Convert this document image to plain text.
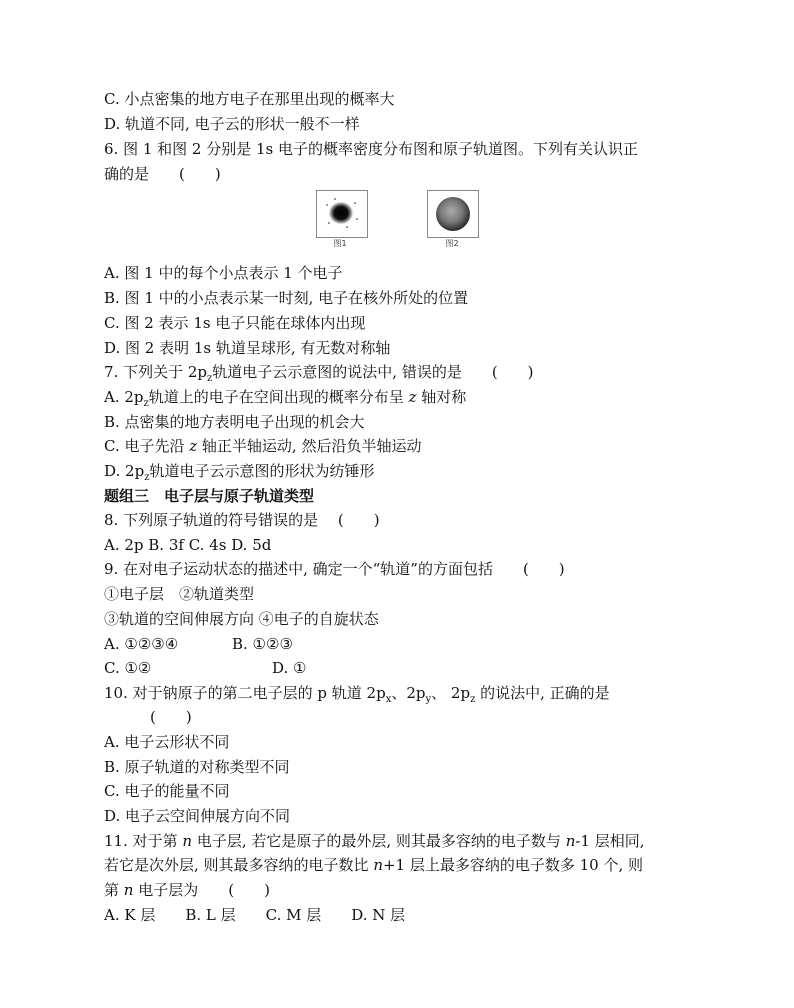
C. 小点密集的地方电子在那里出现的概率大
D. 轨道不同, 电子云的形状一般不一样
6. 图 1 和图 2 分别是 1s 电子的概率密度分布图和原子轨道图。下列有关认识正
确的是　　(　　)
图1	图2
A. 图 1 中的每个小点表示 1 个电子
B. 图 1 中的小点表示某一时刻, 电子在核外所处的位置
C. 图 2 表示 1s 电子只能在球体内出现
D. 图 2 表明 1s 轨道呈球形, 有无数对称轴
7. 下列关于 $2p_z$轨道电子云示意图的说法中, 错误的是　　(　　)
A. $2p_z$轨道上的电子在空间出现的概率分布呈 z 轴对称
B. 点密集的地方表明电子出现的机会大
C. 电子先沿 z 轴正半轴运动, 然后沿负半轴运动
D. $2p_z$轨道电子云示意图的形状为纺锤形
题组三　电子层与原子轨道类型
8. 下列原子轨道的符号错误的是　 (　　)
A. 2p B. 3f C. 4s D. 5d
9. 在对电子运动状态的描述中, 确定一个“轨道”的方面包括　　(　　)
①电子层　②轨道类型
③轨道的空间伸展方向 ④电子的自旋状态
A. ①②③④	B. ①②③
C. ①②	D. ①
10. 对于钠原子的第二电子层的 p 轨道 $2p_x$、$2p_y$、 $2p_z$ 的说法中, 正确的是
(　　)
A. 电子云形状不同
B. 原子轨道的对称类型不同
C. 电子的能量不同
D. 电子云空间伸展方向不同
11. 对于第 n 电子层, 若它是原子的最外层, 则其最多容纳的电子数与 n-1 层相同,
若它是次外层, 则其最多容纳的电子数比 n+1 层上最多容纳的电子数多 10 个, 则
第 n 电子层为　　(　　)
A. K 层　　B. L 层　　C. M 层　　D. N 层
